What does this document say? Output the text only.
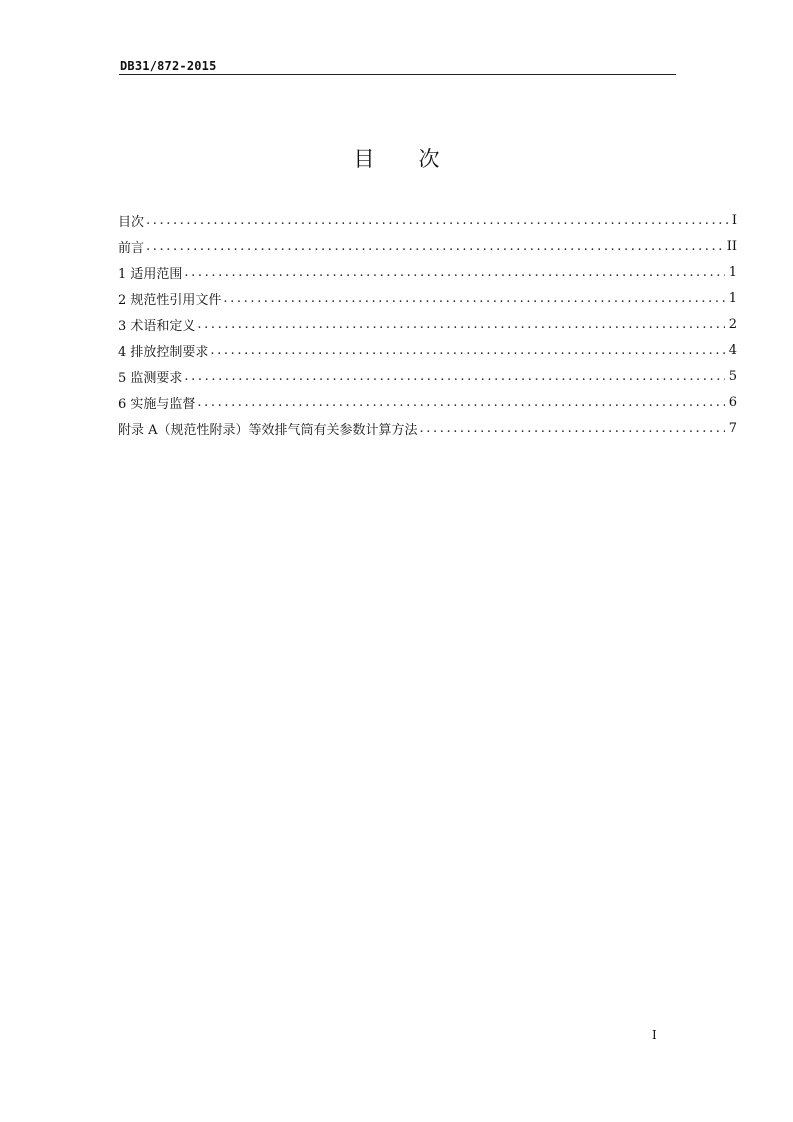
DB31/872-2015
目 次
目次 .....	I
前言 .....	II
1 适用范围 .....	1
2 规范性引用文件 .....	1
3 术语和定义 .....	2
4 排放控制要求 .....	4
5 监测要求 .....	5
6 实施与监督 .....	6
附录 A（规范性附录）等效排气筒有关参数计算方法 .....	7
I
